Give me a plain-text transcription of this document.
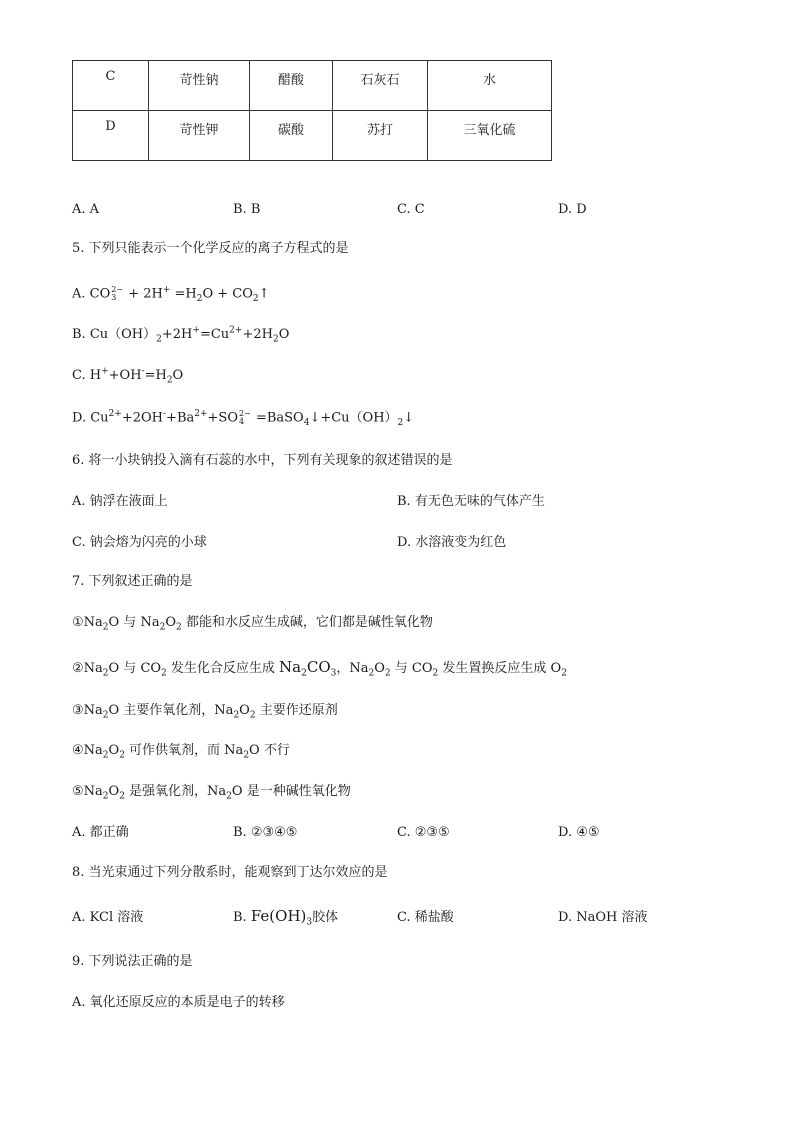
C	苛性钠	醋酸	石灰石	水
D	苛性钾	碳酸	苏打	三氧化硫
A. A	B. B	C. C	D. D
5. 下列只能表示一个化学反应的离子方程式的是
A. CO 2−
$3 + 2H^+ =H_2O$ + $CO_2↑$
B. $Cu(OH)_2+2H^+=Cu^{2+}+2H_2O$
C. $H^++OH^-=H_2O$
D. $Cu^{2+}+2OH^-+Ba^{2+}+SO$ 2−
$4 =BaSO_4↓+Cu(OH)_2↓$
6. 将一小块钠投入滴有石蕊的水中，下列有关现象的叙述错误的是
A. 钠浮在液面上	B. 有无色无味的气体产生
C. 钠会熔为闪亮的小球	D. 水溶液变为红色
7. 下列叙述正确的是
$①Na_2O$ 与 $Na_2O_2$ 都能和水反应生成碱，它们都是碱性氧化物
$②Na_2O$ 与 $CO_2$ 发生化合反应生成 $Na_2CO_3$，$Na_2O_2$ 与 $CO_2$ 发生置换反应生成 $O_2$
$③Na_2O$ 主要作氧化剂，$Na_2O_2$ 主要作还原剂
$④Na_2O_2$ 可作供氧剂，而 $Na_2O$ 不行
$⑤Na_2O_2$ 是强氧化剂，$Na_2O$ 是一种碱性氧化物
A. 都正确	B. ②③④⑤	C. ②③⑤	D. ④⑤
8. 当光束通过下列分散系时，能观察到丁达尔效应的是
A. KCl 溶液	B. $Fe(OH)_3$胶体	C. 稀盐酸	D. NaOH 溶液
9. 下列说法正确的是
A. 氧化还原反应的本质是电子的转移
